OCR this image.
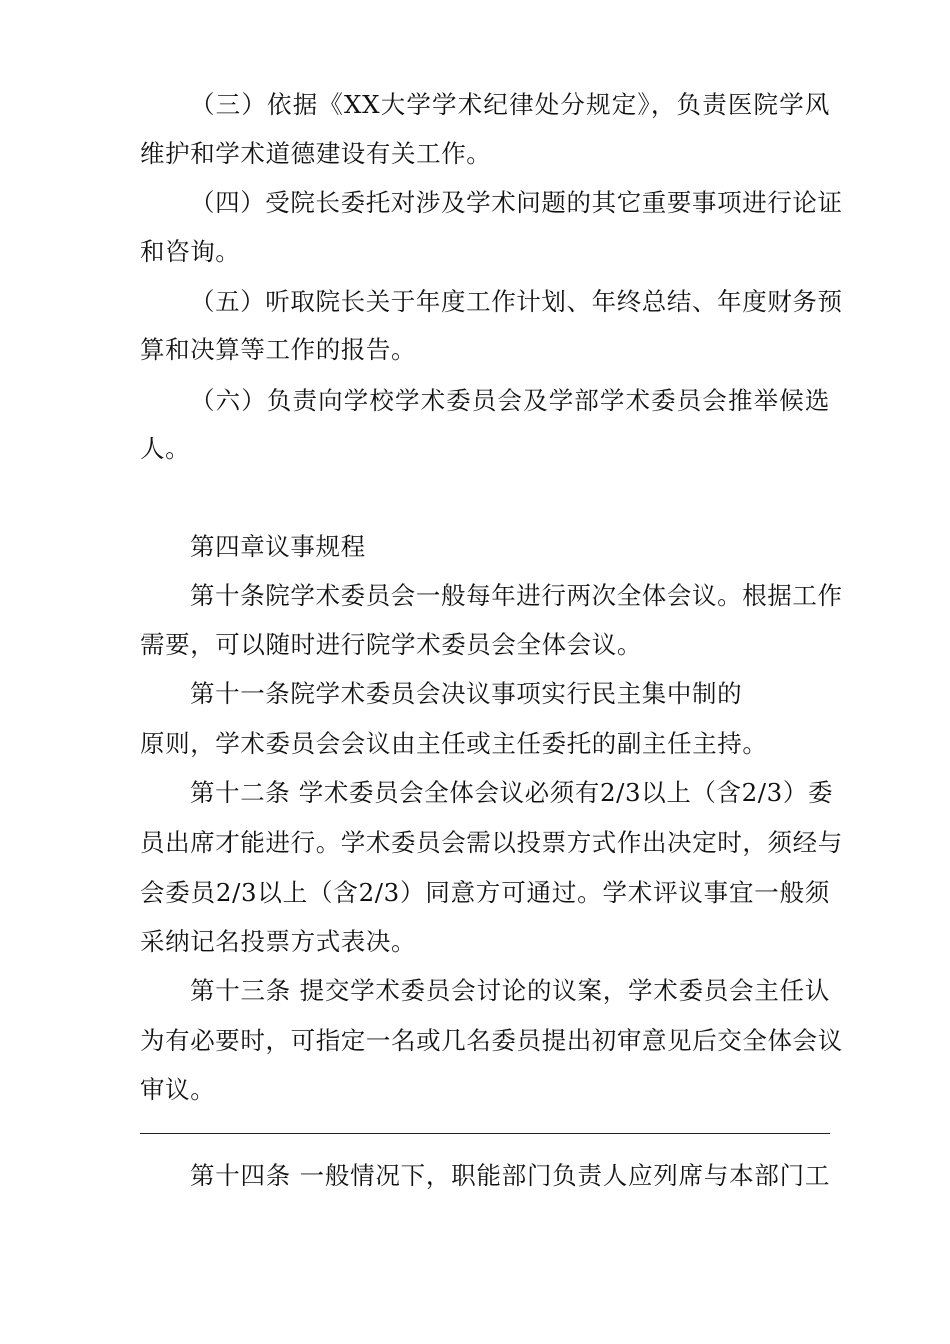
（三）依据《XX大学学术纪律处分规定》，负责医院学风
维护和学术道德建设有关工作。
（四）受院长委托对涉及学术问题的其它重要事项进行论证
和咨询。
（五）听取院长关于年度工作计划、年终总结、年度财务预
算和决算等工作的报告。
（六）负责向学校学术委员会及学部学术委员会推举候选
人。
第四章议事规程
第十条院学术委员会一般每年进行两次全体会议。根据工作
需要，可以随时进行院学术委员会全体会议。
第十一条院学术委员会决议事项实行民主集中制的
原则，学术委员会会议由主任或主任委托的副主任主持。
第十二条 学术委员会全体会议必须有2/3以上（含2/3）委
员出席才能进行。学术委员会需以投票方式作出决定时，须经与
会委员2/3以上（含2/3）同意方可通过。学术评议事宜一般须
采纳记名投票方式表决。
第十三条 提交学术委员会讨论的议案，学术委员会主任认
为有必要时，可指定一名或几名委员提出初审意见后交全体会议
审议。
第十四条 一般情况下，职能部门负责人应列席与本部门工
